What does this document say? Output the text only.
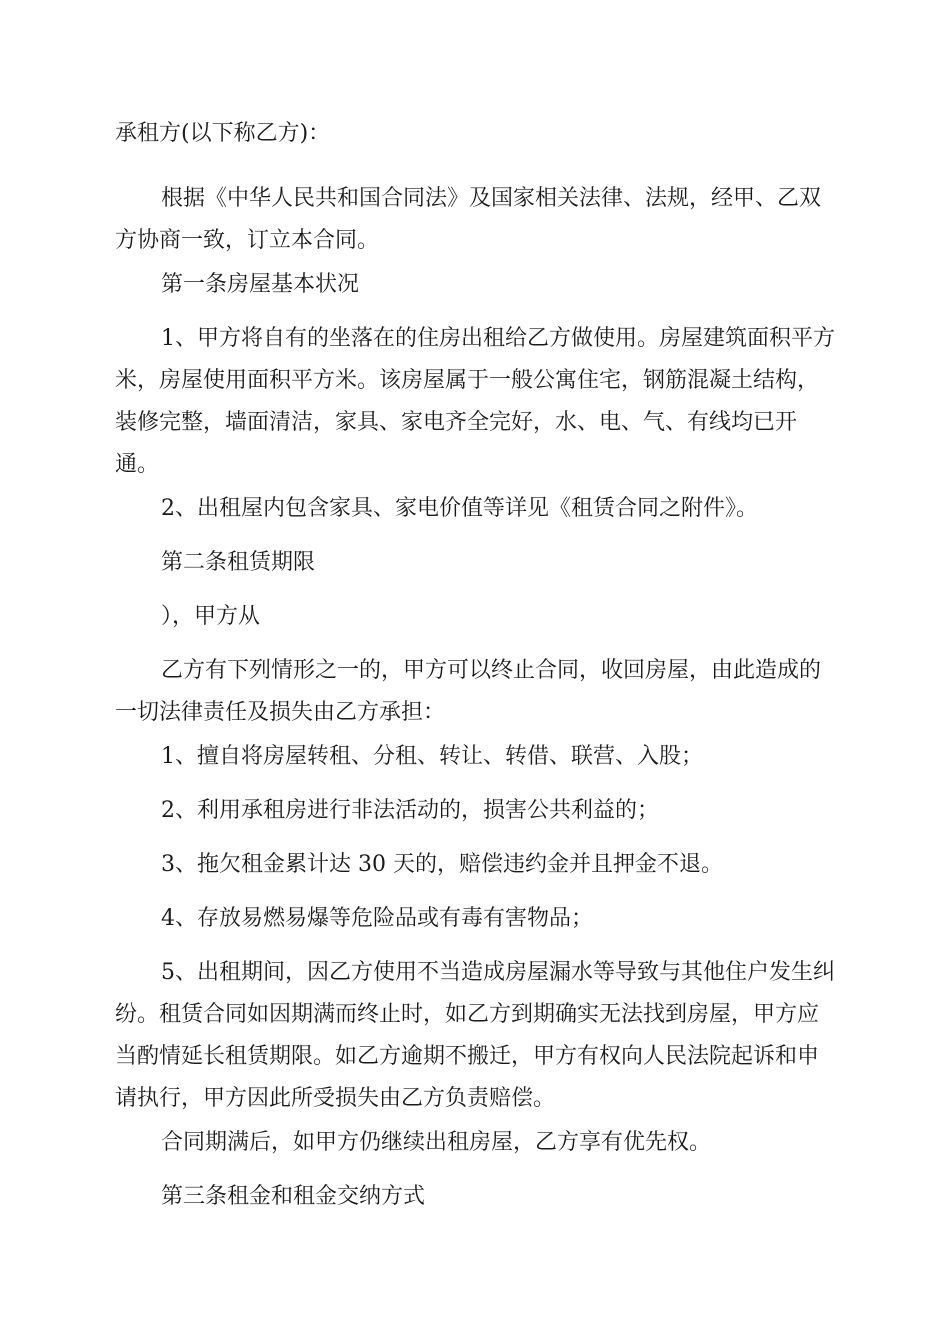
承租方(以下称乙方)：

根据《中华人民共和国合同法》及国家相关法律、法规，经甲、乙双方协商一致，订立本合同。

第一条房屋基本状况

1、甲方将自有的坐落在的住房出租给乙方做使用。房屋建筑面积平方米，房屋使用面积平方米。该房屋属于一般公寓住宅，钢筋混凝土结构，装修完整，墙面清洁，家具、家电齐全完好，水、电、气、有线均已开通。

2、出租屋内包含家具、家电价值等详见《租赁合同之附件》。

第二条租赁期限

），甲方从

乙方有下列情形之一的，甲方可以终止合同，收回房屋，由此造成的一切法律责任及损失由乙方承担：

1、擅自将房屋转租、分租、转让、转借、联营、入股；

2、利用承租房进行非法活动的，损害公共利益的；

3、拖欠租金累计达 30 天的，赔偿违约金并且押金不退。

4、存放易燃易爆等危险品或有毒有害物品；

5、出租期间，因乙方使用不当造成房屋漏水等导致与其他住户发生纠纷。租赁合同如因期满而终止时，如乙方到期确实无法找到房屋，甲方应当酌情延长租赁期限。如乙方逾期不搬迁，甲方有权向人民法院起诉和申请执行，甲方因此所受损失由乙方负责赔偿。

合同期满后，如甲方仍继续出租房屋，乙方享有优先权。

第三条租金和租金交纳方式
